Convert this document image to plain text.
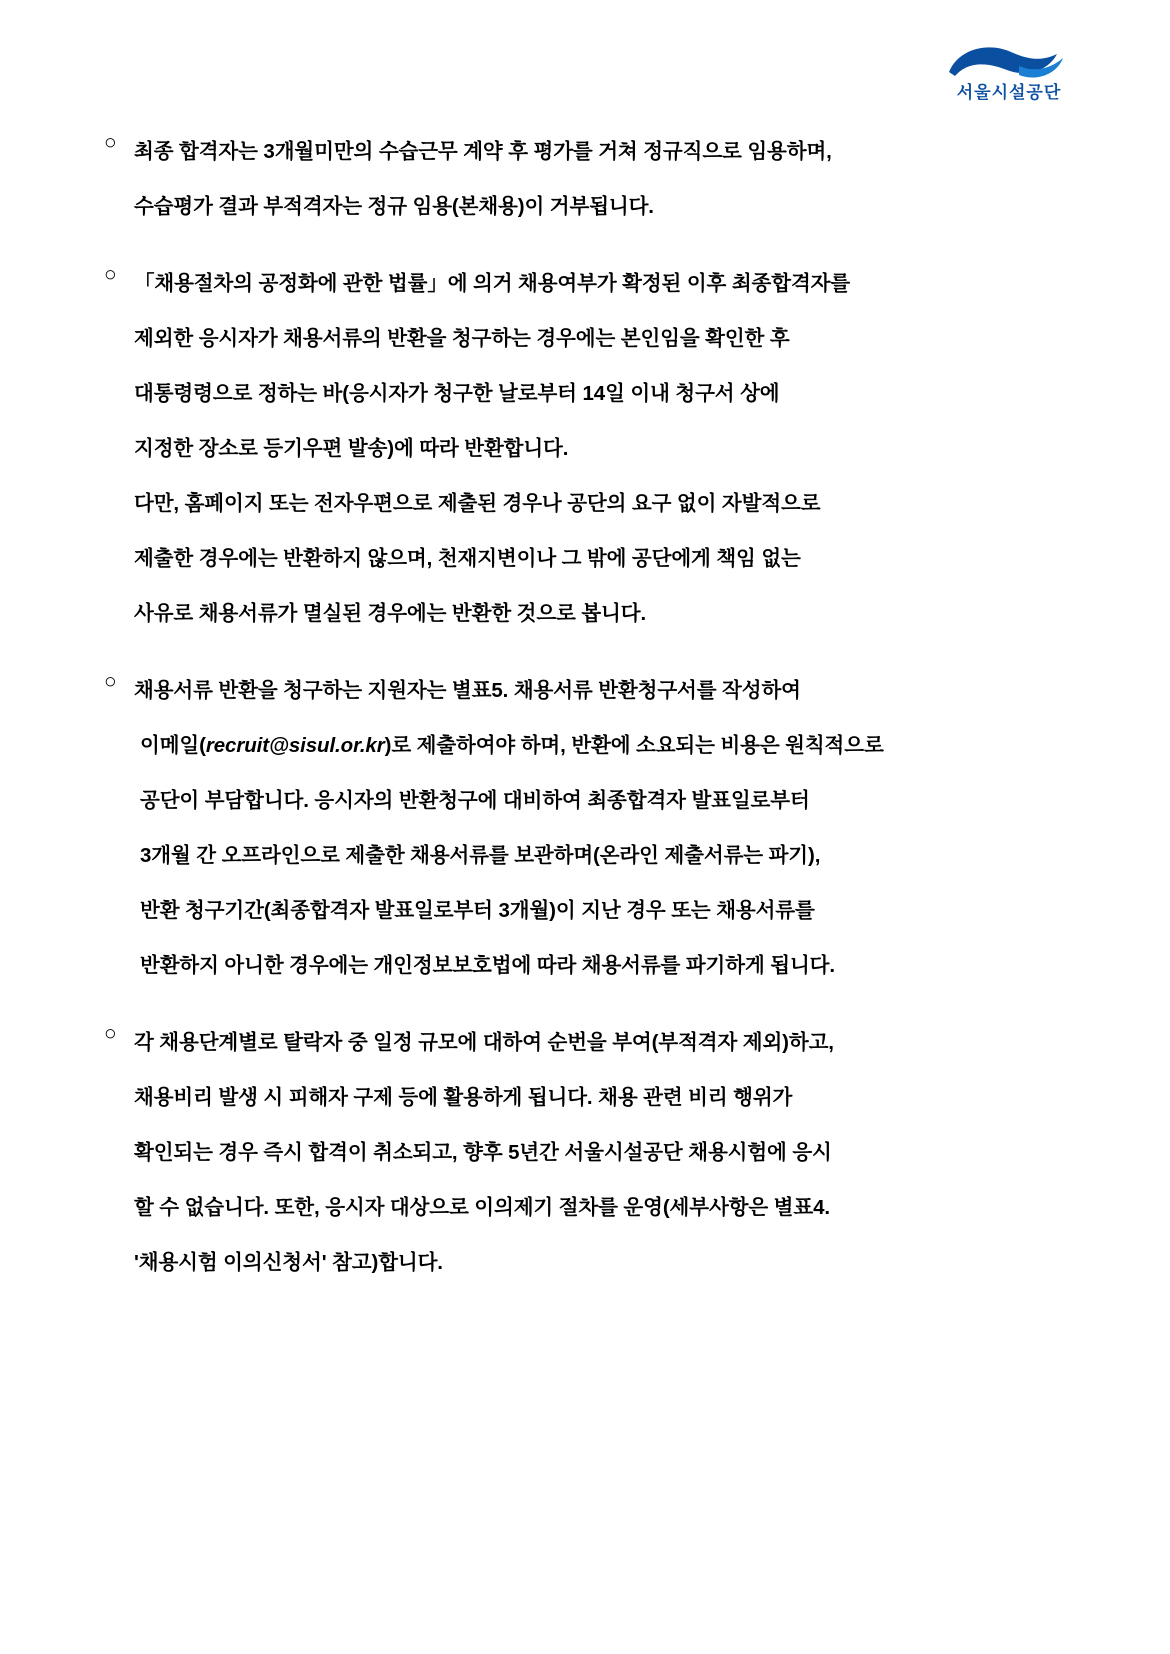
서울시설공단
○ 최종 합격자는 3개월미만의 수습근무 계약 후 평가를 거쳐 정규직으로 임용하며,
수습평가 결과 부적격자는 정규 임용(본채용)이 거부됩니다.
○ 「채용절차의 공정화에 관한 법률」에 의거 채용여부가 확정된 이후 최종합격자를
제외한 응시자가 채용서류의 반환을 청구하는 경우에는 본인임을 확인한 후
대통령령으로 정하는 바(응시자가 청구한 날로부터 14일 이내 청구서 상에
지정한 장소로 등기우편 발송)에 따라 반환합니다.
다만, 홈페이지 또는 전자우편으로 제출된 경우나 공단의 요구 없이 자발적으로
제출한 경우에는 반환하지 않으며, 천재지변이나 그 밖에 공단에게 책임 없는
사유로 채용서류가 멸실된 경우에는 반환한 것으로 봅니다.
○ 채용서류 반환을 청구하는 지원자는 별표5. 채용서류 반환청구서를 작성하여
이메일(recruit@sisul.or.kr)로 제출하여야 하며, 반환에 소요되는 비용은 원칙적으로
공단이 부담합니다. 응시자의 반환청구에 대비하여 최종합격자 발표일로부터
3개월 간 오프라인으로 제출한 채용서류를 보관하며(온라인 제출서류는 파기),
반환 청구기간(최종합격자 발표일로부터 3개월)이 지난 경우 또는 채용서류를
반환하지 아니한 경우에는 개인정보보호법에 따라 채용서류를 파기하게 됩니다.
○ 각 채용단계별로 탈락자 중 일정 규모에 대하여 순번을 부여(부적격자 제외)하고,
채용비리 발생 시 피해자 구제 등에 활용하게 됩니다. 채용 관련 비리 행위가
확인되는 경우 즉시 합격이 취소되고, 향후 5년간 서울시설공단 채용시험에 응시
할 수 없습니다. 또한, 응시자 대상으로 이의제기 절차를 운영(세부사항은 별표4.
'채용시험 이의신청서' 참고)합니다.
